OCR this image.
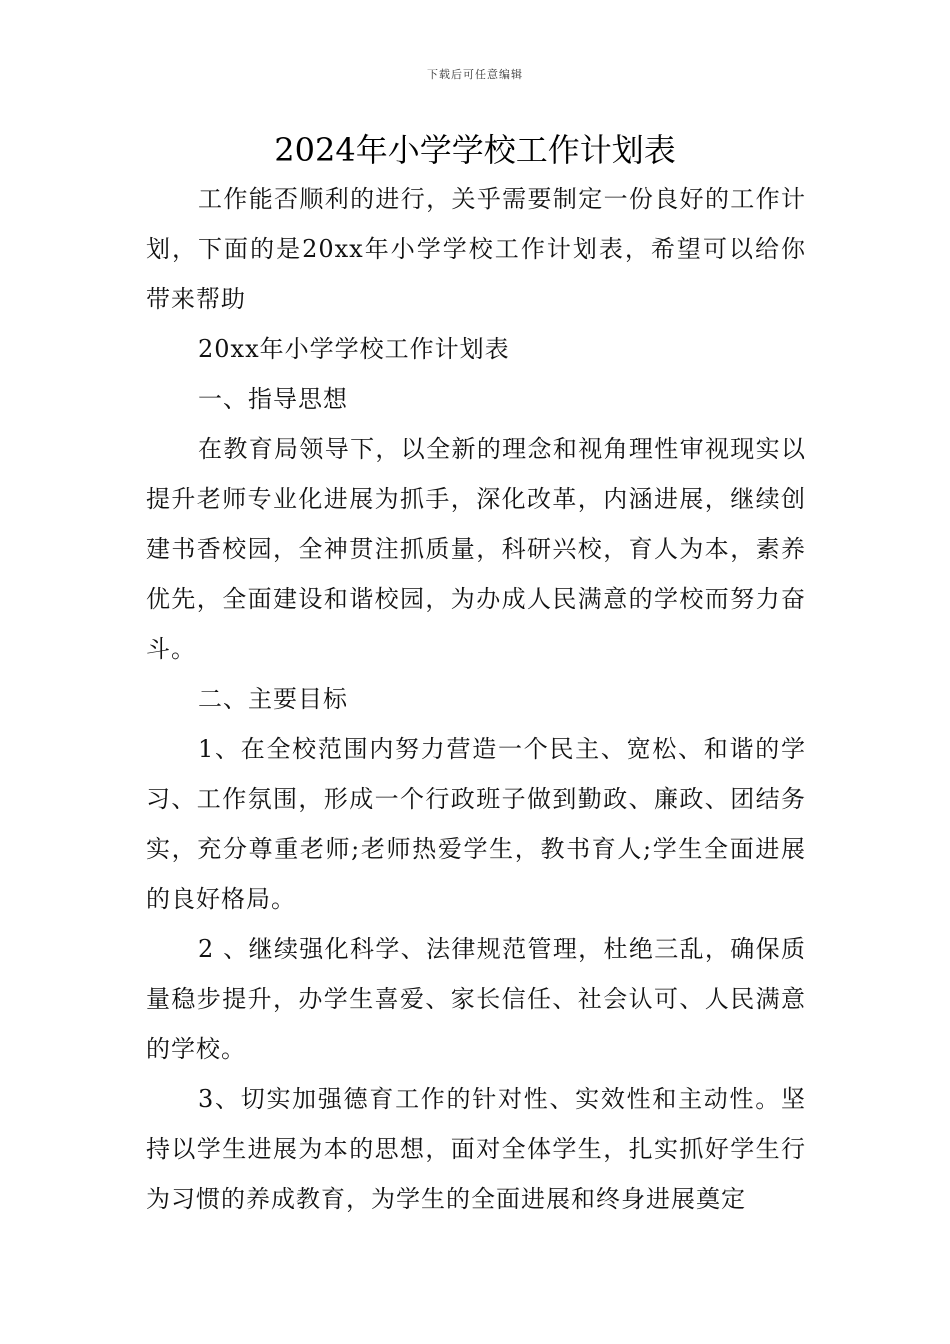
下载后可任意编辑
2024年小学学校工作计划表

工作能否顺利的进行，关乎需要制定一份良好的工作计划，下面的是20xx年小学学校工作计划表，希望可以给你带来帮助

20xx年小学学校工作计划表

一、指导思想

在教育局领导下，以全新的理念和视角理性审视现实以提升老师专业化进展为抓手，深化改革，内涵进展，继续创建书香校园，全神贯注抓质量，科研兴校，育人为本，素养优先，全面建设和谐校园，为办成人民满意的学校而努力奋斗。

二、主要目标

1、在全校范围内努力营造一个民主、宽松、和谐的学习、工作氛围，形成一个行政班子做到勤政、廉政、团结务实，充分尊重老师;老师热爱学生，教书育人;学生全面进展的良好格局。

2 、继续强化科学、法律规范管理，杜绝三乱，确保质量稳步提升，办学生喜爱、家长信任、社会认可、人民满意的学校。

3、切实加强德育工作的针对性、实效性和主动性。坚持以学生进展为本的思想，面对全体学生，扎实抓好学生行为习惯的养成教育，为学生的全面进展和终身进展奠定
